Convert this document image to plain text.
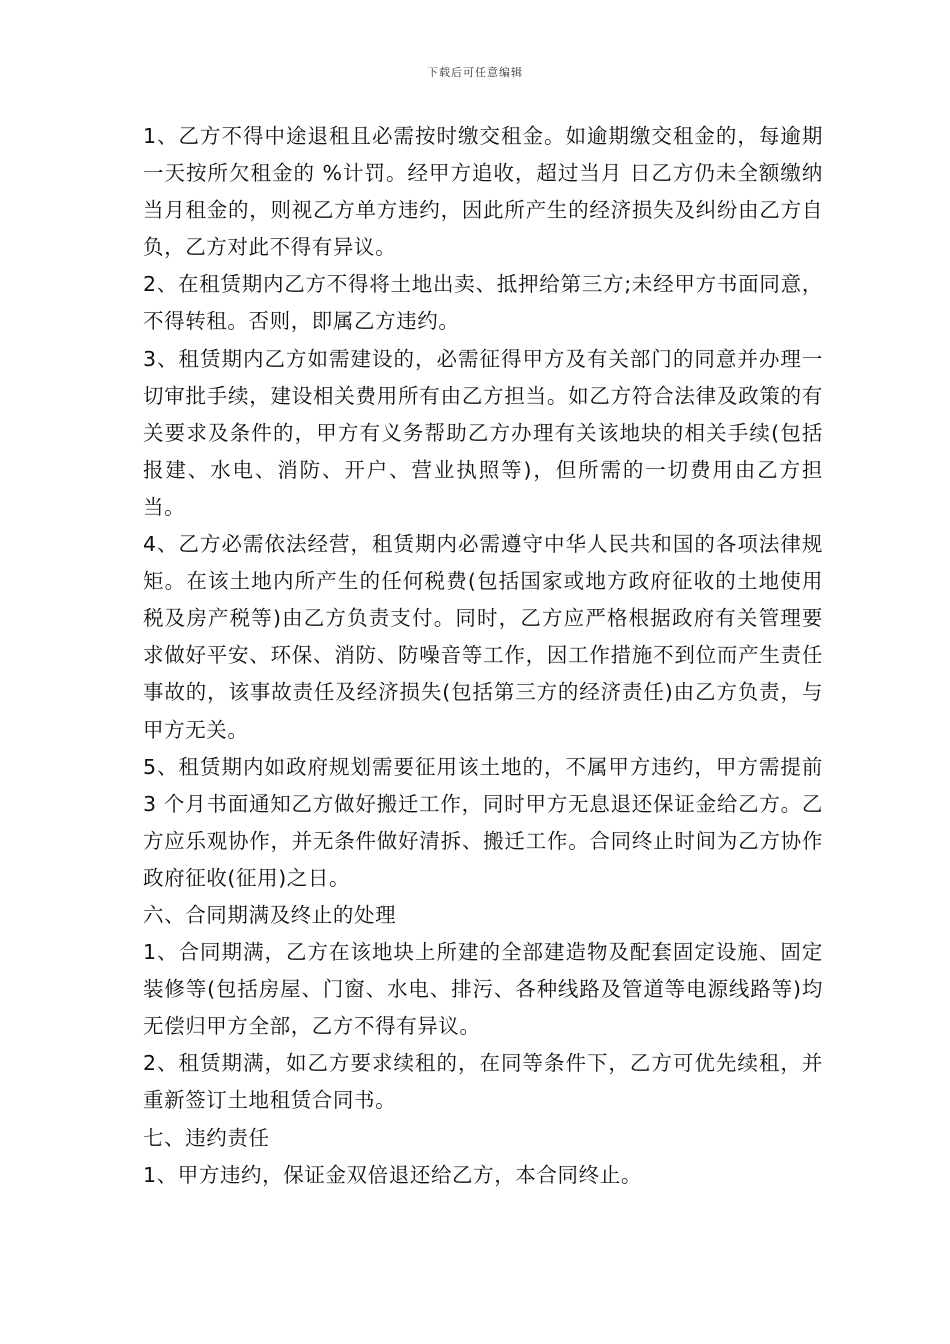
下载后可任意编辑

1、乙方不得中途退租且必需按时缴交租金。如逾期缴交租金的，每逾期一天按所欠租金的 %计罚。经甲方追收，超过当月 日乙方仍未全额缴纳当月租金的，则视乙方单方违约，因此所产生的经济损失及纠纷由乙方自负，乙方对此不得有异议。

2、在租赁期内乙方不得将土地出卖、抵押给第三方;未经甲方书面同意，不得转租。否则，即属乙方违约。

3、租赁期内乙方如需建设的，必需征得甲方及有关部门的同意并办理一切审批手续，建设相关费用所有由乙方担当。如乙方符合法律及政策的有关要求及条件的，甲方有义务帮助乙方办理有关该地块的相关手续(包括报建、水电、消防、开户、营业执照等)，但所需的一切费用由乙方担当。

4、乙方必需依法经营，租赁期内必需遵守中华人民共和国的各项法律规矩。在该土地内所产生的任何税费(包括国家或地方政府征收的土地使用税及房产税等)由乙方负责支付。同时，乙方应严格根据政府有关管理要求做好平安、环保、消防、防噪音等工作，因工作措施不到位而产生责任事故的，该事故责任及经济损失(包括第三方的经济责任)由乙方负责，与甲方无关。

5、租赁期内如政府规划需要征用该土地的，不属甲方违约，甲方需提前 3 个月书面通知乙方做好搬迁工作，同时甲方无息退还保证金给乙方。乙方应乐观协作，并无条件做好清拆、搬迁工作。合同终止时间为乙方协作政府征收(征用)之日。

六、合同期满及终止的处理

1、合同期满，乙方在该地块上所建的全部建造物及配套固定设施、固定装修等(包括房屋、门窗、水电、排污、各种线路及管道等电源线路等)均无偿归甲方全部，乙方不得有异议。

2、租赁期满，如乙方要求续租的，在同等条件下，乙方可优先续租，并重新签订土地租赁合同书。

七、违约责任

1、甲方违约，保证金双倍退还给乙方，本合同终止。
